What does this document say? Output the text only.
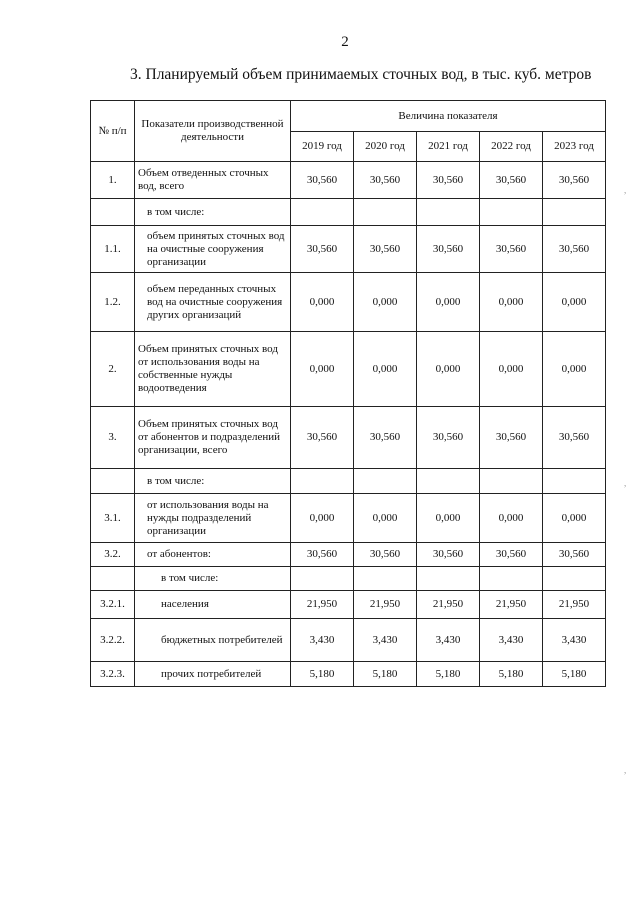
2
3. Планируемый объем принимаемых сточных вод, в тыс. куб. метров
№ п/п	Показатели производственной деятельности	Величина показателя				
		2019 год	2020 год	2021 год	2022 год	2023 год
1.	Объем отведенных сточных вод, всего	30,560	30,560	30,560	30,560	30,560
	в том числе:					
1.1.	объем принятых сточных вод на очистные сооружения организации	30,560	30,560	30,560	30,560	30,560
1.2.	объем переданных сточных вод на очистные сооружения других организаций	0,000	0,000	0,000	0,000	0,000
2.	Объем принятых сточных вод от использования воды на собственные нужды водоотведения	0,000	0,000	0,000	0,000	0,000
3.	Объем принятых сточных вод от абонентов и подразделений организации, всего	30,560	30,560	30,560	30,560	30,560
	в том числе:					
3.1.	от использования воды на нужды подразделений организации	0,000	0,000	0,000	0,000	0,000
3.2.	от абонентов:	30,560	30,560	30,560	30,560	30,560
	в том числе:					
3.2.1.	населения	21,950	21,950	21,950	21,950	21,950
3.2.2.	бюджетных потребителей	3,430	3,430	3,430	3,430	3,430
3.2.3.	прочих потребителей	5,180	5,180	5,180	5,180	5,180
,
,
,
